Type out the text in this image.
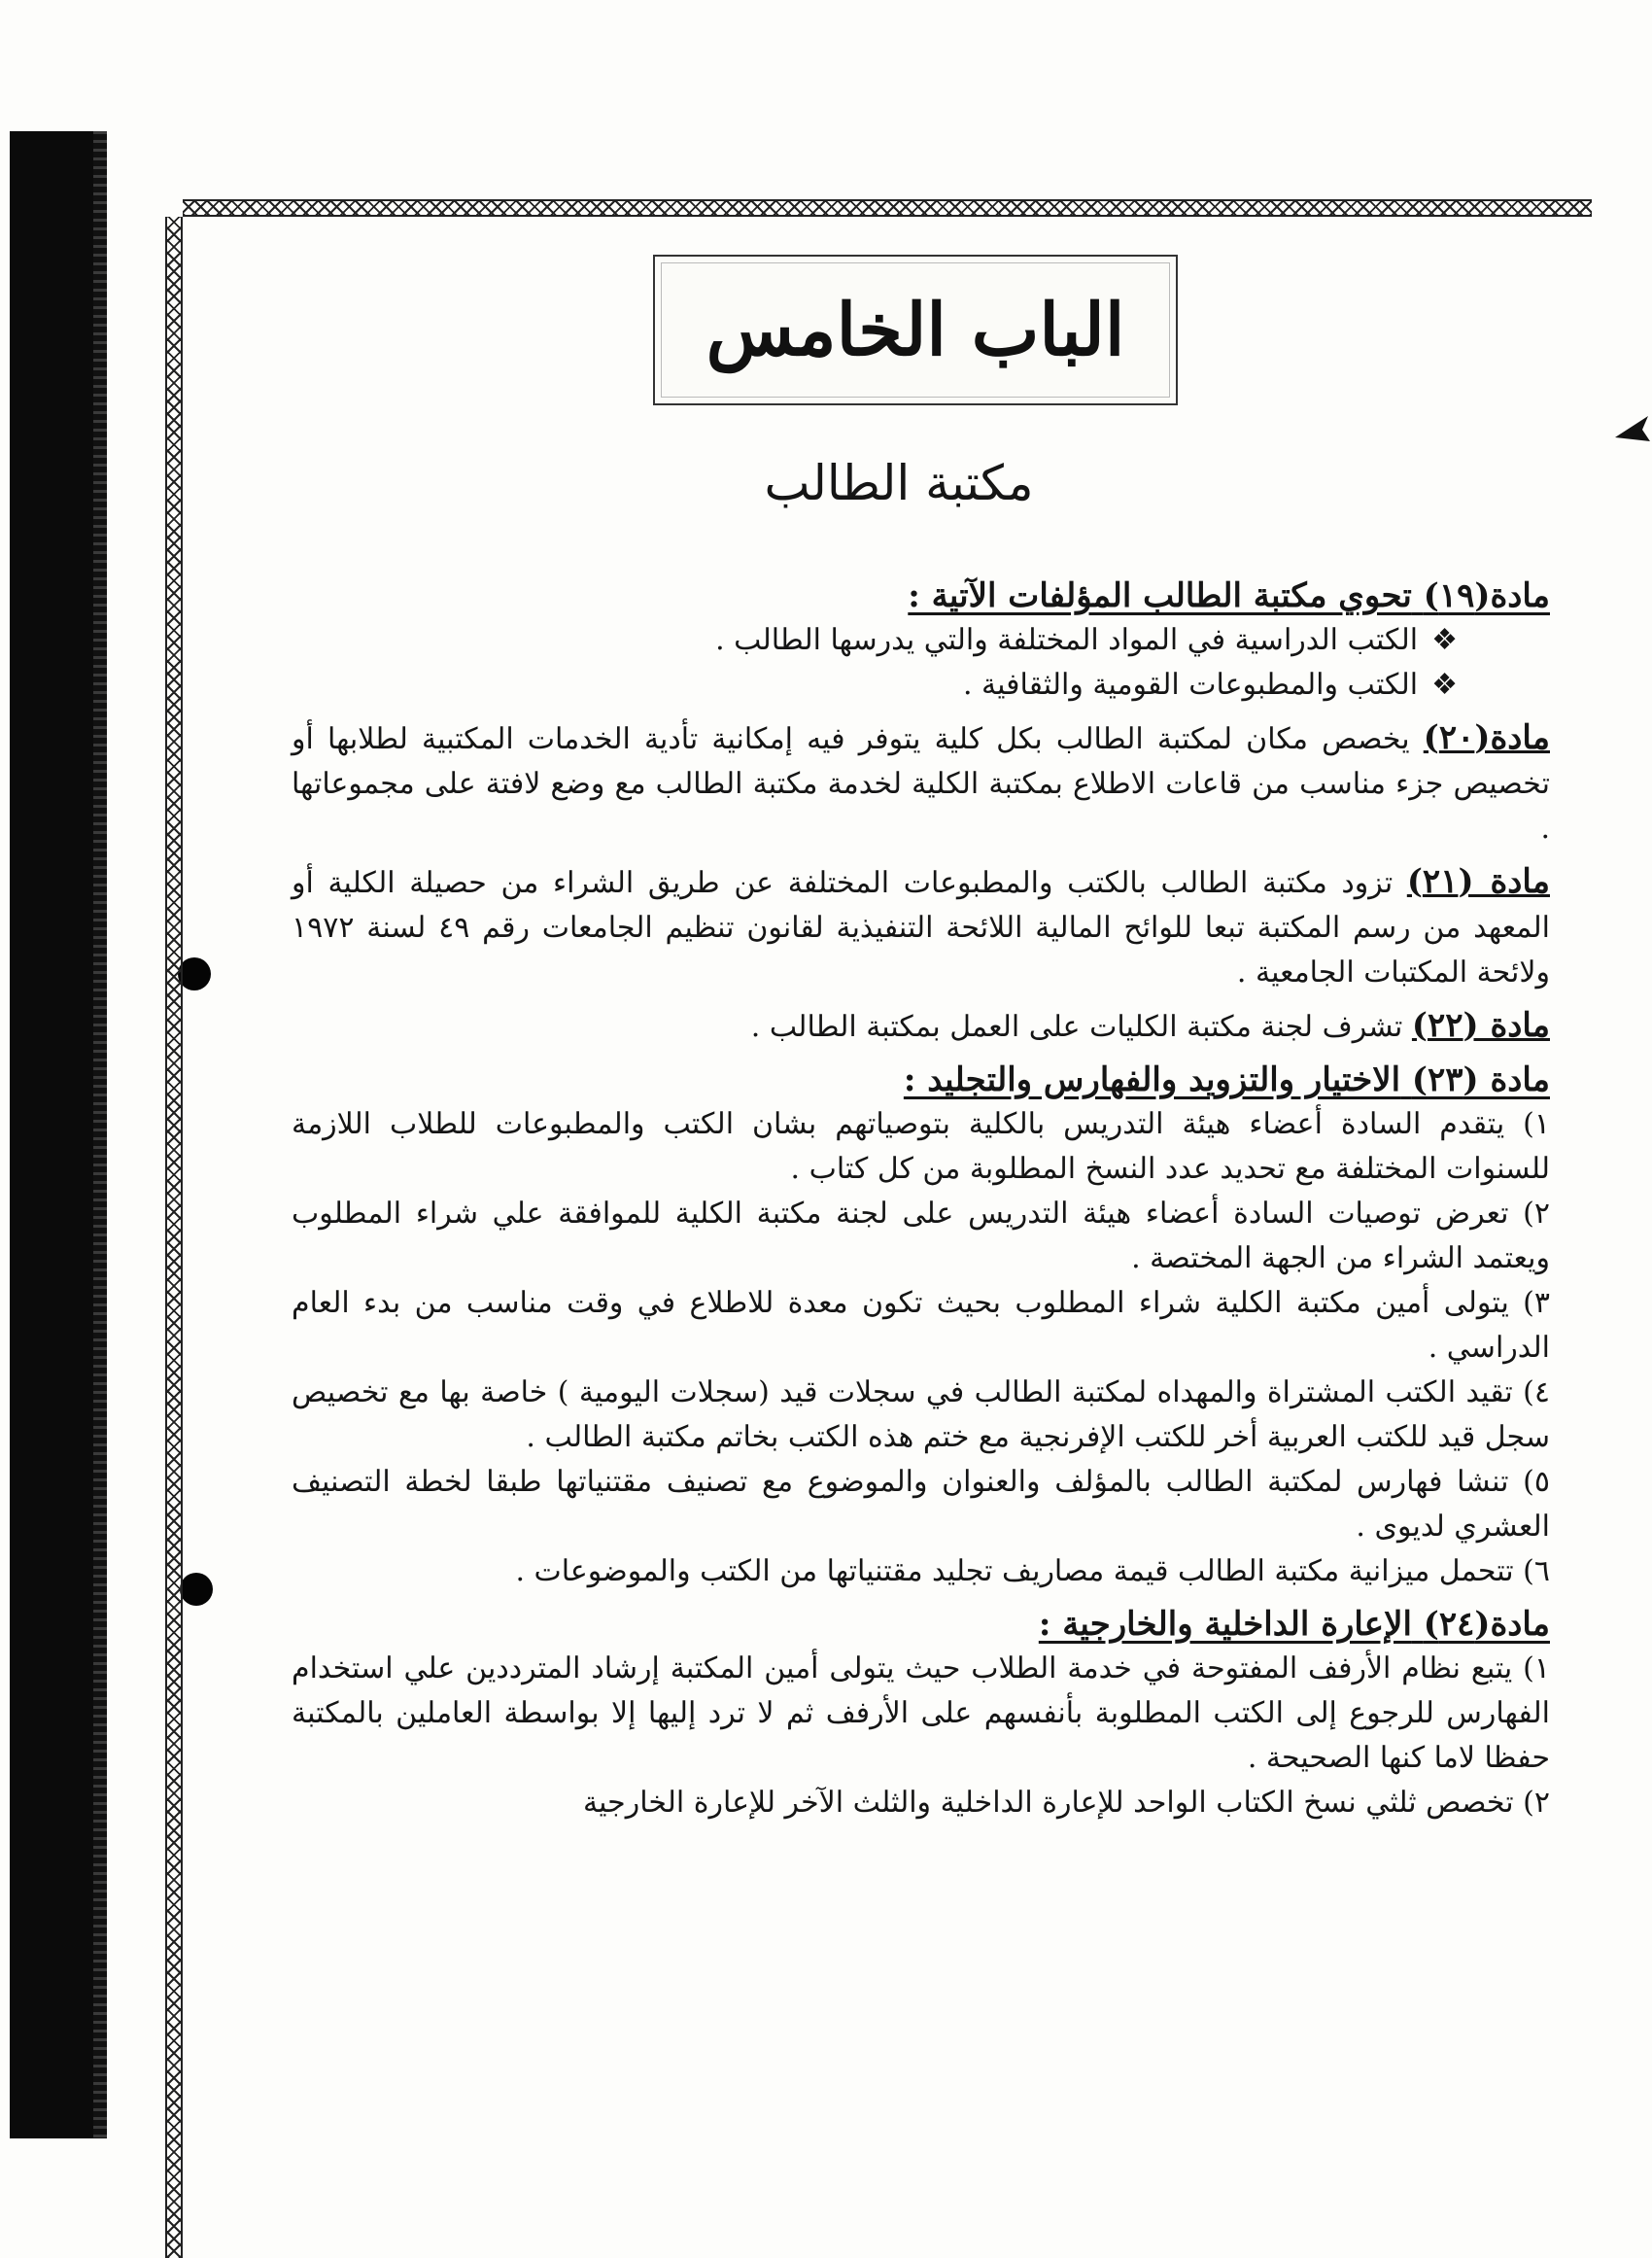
الباب الخامس
مكتبة الطالب
مادة(١٩) تحوي مكتبة الطالب المؤلفات الآتية :
❖الكتب الدراسية في المواد المختلفة والتي يدرسها الطالب .
❖الكتب والمطبوعات القومية والثقافية .
مادة(٢٠) يخصص مكان لمكتبة الطالب بكل كلية يتوفر فيه إمكانية تأدية الخدمات المكتبية لطلابها أو تخصيص جزء مناسب من قاعات الاطلاع بمكتبة الكلية لخدمة مكتبة الطالب مع وضع لافتة على مجموعاتها .
مادة (٢١) تزود مكتبة الطالب بالكتب والمطبوعات المختلفة عن طريق الشراء من حصيلة الكلية أو المعهد من رسم المكتبة تبعا للوائح المالية اللائحة التنفيذية لقانون تنظيم الجامعات رقم ٤٩ لسنة ١٩٧٢ ولائحة المكتبات الجامعية .
مادة (٢٢) تشرف لجنة مكتبة الكليات على العمل بمكتبة الطالب .
مادة (٢٣) الاختيار والتزويد والفهارس والتجليد :
١) يتقدم السادة أعضاء هيئة التدريس بالكلية بتوصياتهم بشان الكتب والمطبوعات للطلاب اللازمة للسنوات المختلفة مع تحديد عدد النسخ المطلوبة من كل كتاب .
٢) تعرض توصيات السادة أعضاء هيئة التدريس على لجنة مكتبة الكلية للموافقة علي شراء المطلوب ويعتمد الشراء من الجهة المختصة .
٣) يتولى أمين مكتبة الكلية شراء المطلوب بحيث تكون معدة للاطلاع في وقت مناسب من بدء العام الدراسي .
٤) تقيد الكتب المشتراة والمهداه لمكتبة الطالب في سجلات قيد (سجلات اليومية ) خاصة بها مع تخصيص سجل قيد للكتب العربية أخر للكتب الإفرنجية مع ختم هذه الكتب بخاتم مكتبة الطالب .
٥) تنشا فهارس لمكتبة الطالب بالمؤلف والعنوان والموضوع مع تصنيف مقتنياتها طبقا لخطة التصنيف العشري لديوى .
٦) تتحمل ميزانية مكتبة الطالب قيمة مصاريف تجليد مقتنياتها من الكتب والموضوعات .
مادة(٢٤) الإعارة الداخلية والخارجية :
١) يتبع نظام الأرفف المفتوحة في خدمة الطلاب حيث يتولى أمين المكتبة إرشاد المترددين علي استخدام الفهارس للرجوع إلى الكتب المطلوبة بأنفسهم على الأرفف ثم لا ترد إليها إلا بواسطة العاملين بالمكتبة حفظا لاما كنها الصحيحة .
٢) تخصص ثلثي نسخ الكتاب الواحد للإعارة الداخلية والثلث الآخر للإعارة الخارجية
